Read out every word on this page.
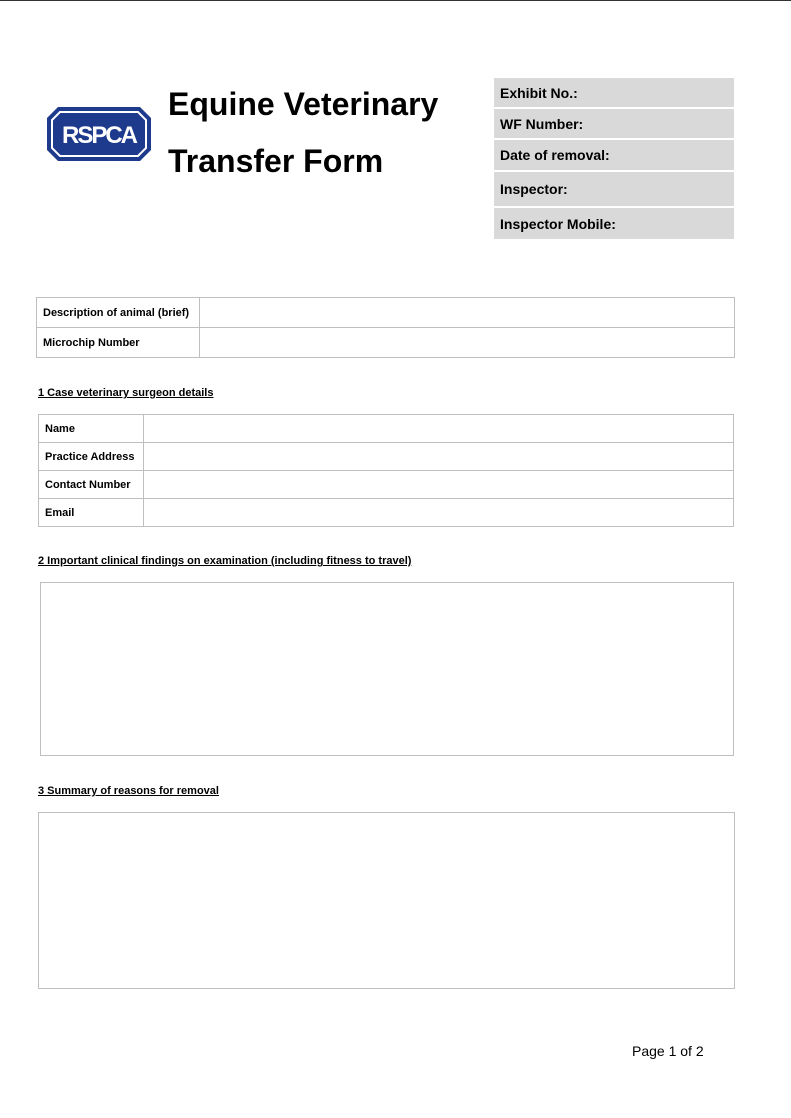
RSPCA
Equine Veterinary
Transfer Form
Exhibit No.:
WF Number:
Date of removal:
Inspector:
Inspector Mobile:
Description of animal (brief)	
Microchip Number	
1 Case veterinary surgeon details
Name	
Practice Address	
Contact Number	
Email	
2 Important clinical findings on examination (including fitness to travel)
3 Summary of reasons for removal
Page 1 of 2
